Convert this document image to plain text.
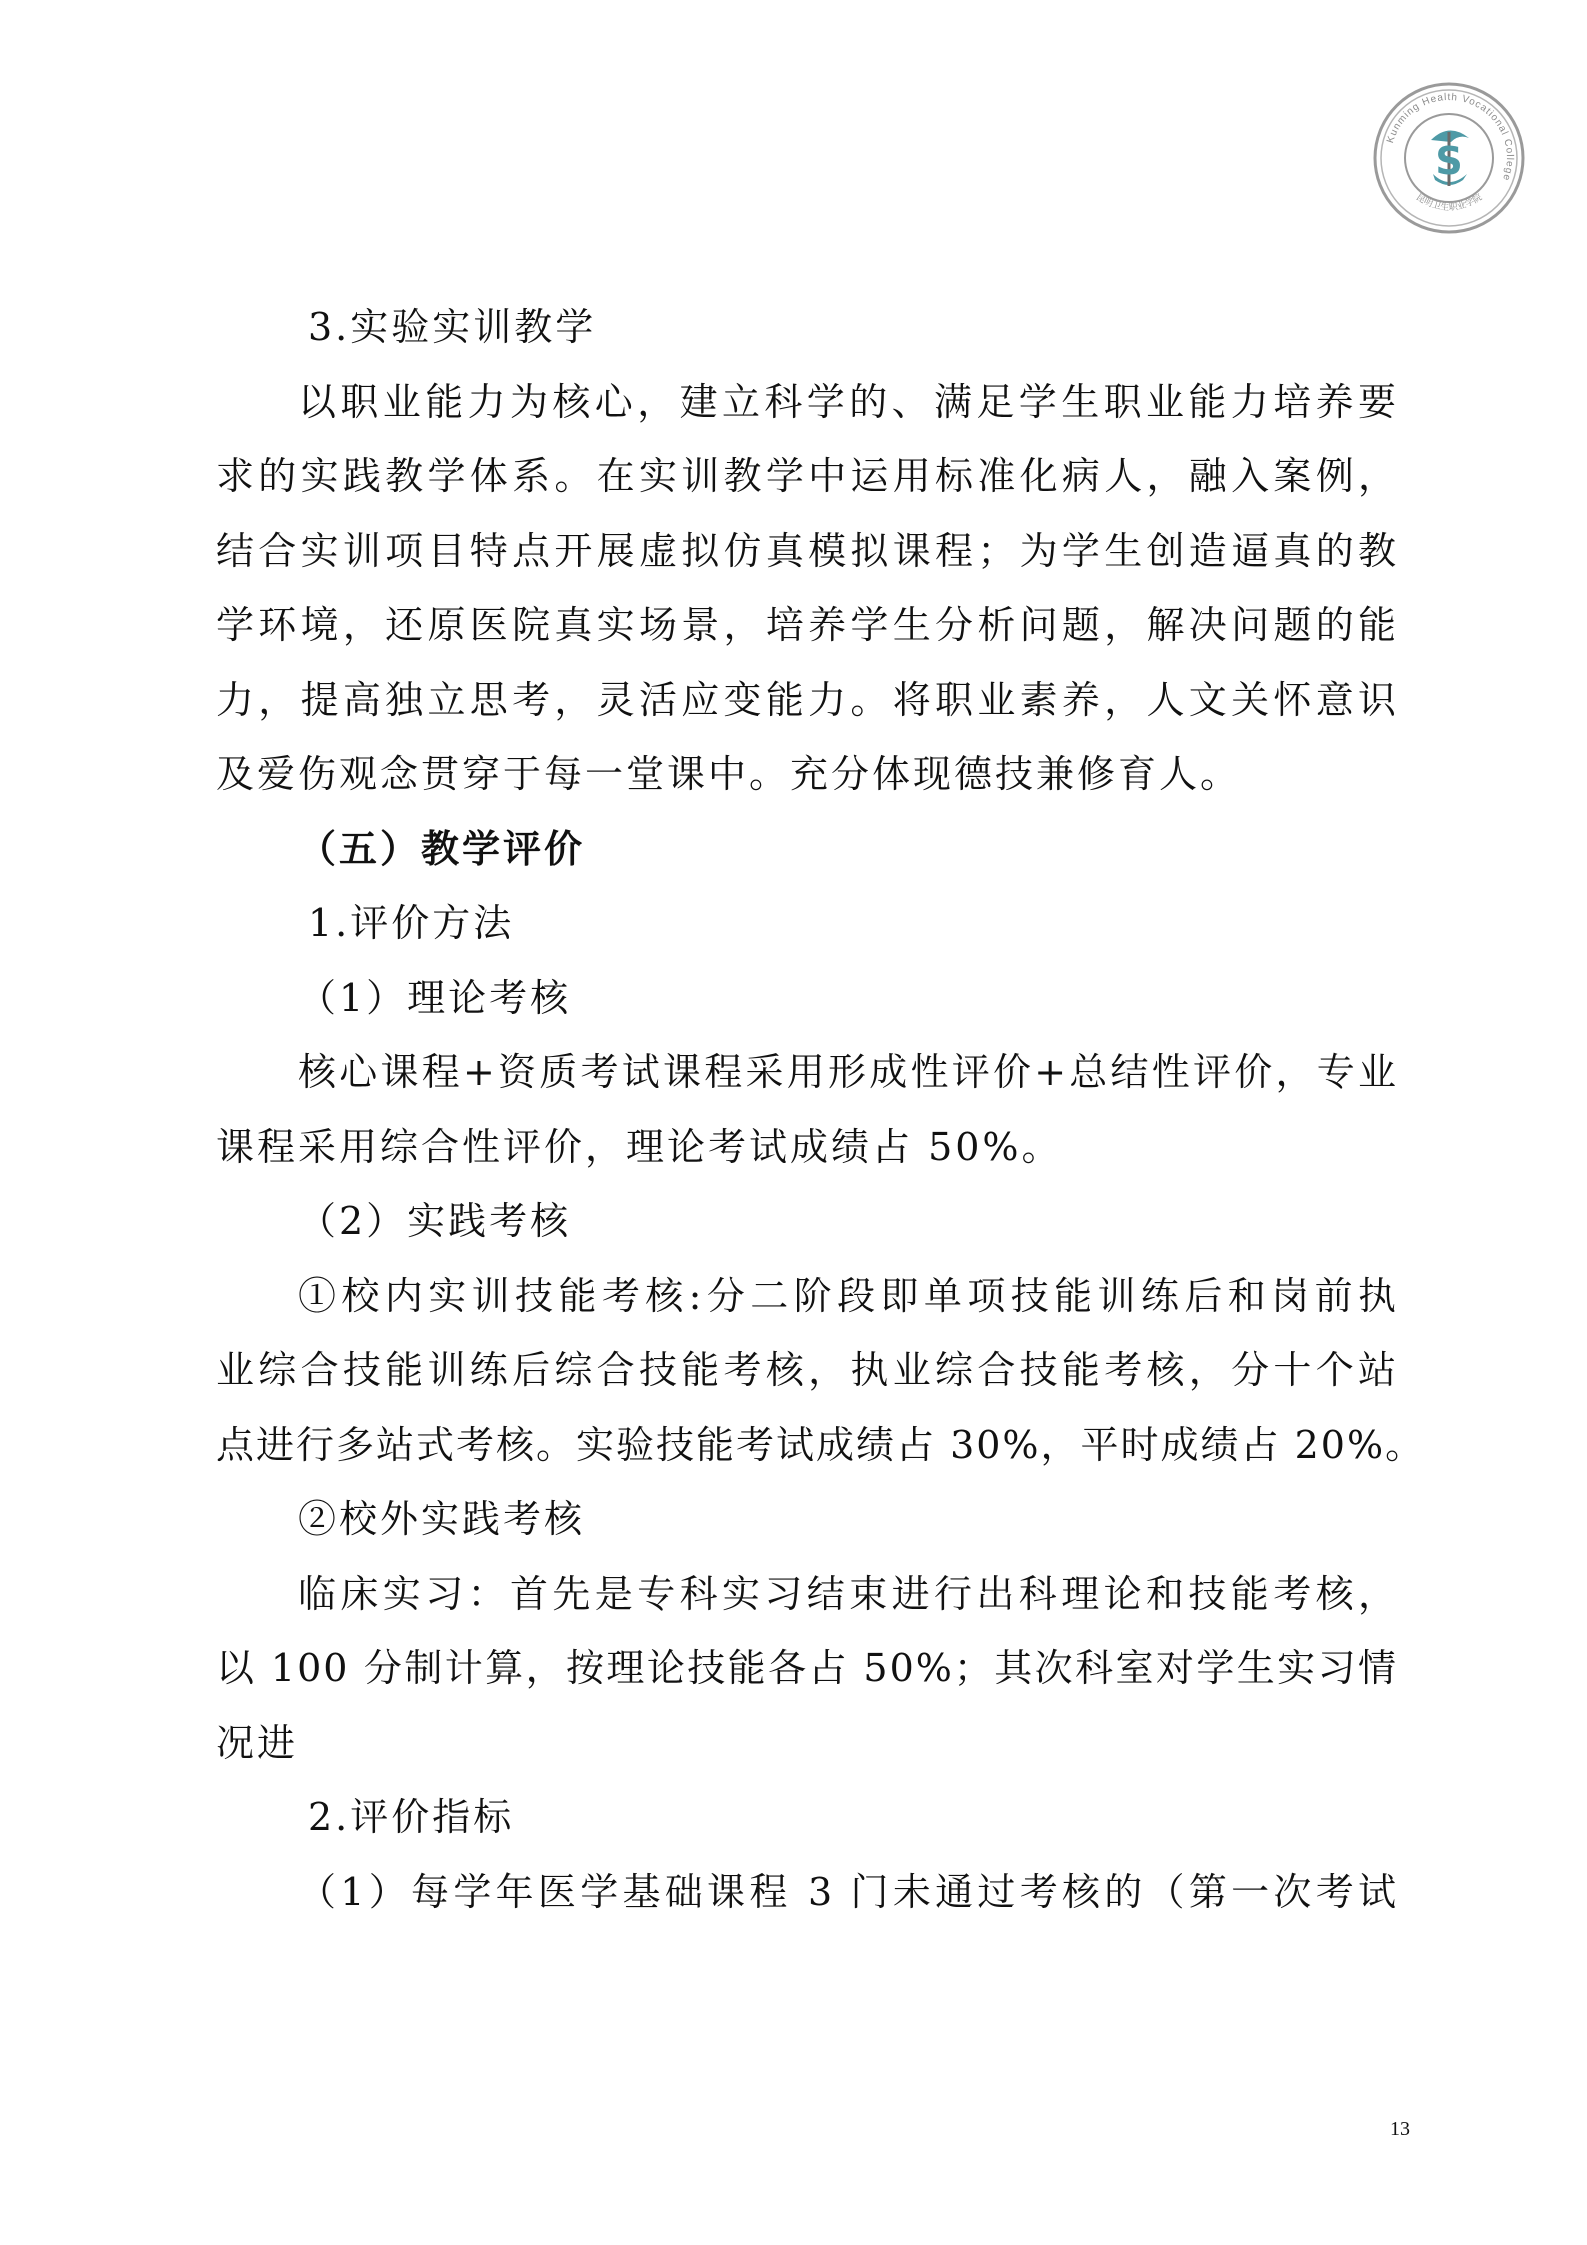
Kunming Health Vocational College
昆明卫生职业学院
S
3.实验实训教学
以职业能力为核心，建立科学的、满足学生职业能力培养要
求的实践教学体系。在实训教学中运用标准化病人，融入案例，
结合实训项目特点开展虚拟仿真模拟课程；为学生创造逼真的教
学环境，还原医院真实场景，培养学生分析问题，解决问题的能
力，提高独立思考，灵活应变能力。将职业素养，人文关怀意识
及爱伤观念贯穿于每一堂课中。充分体现德技兼修育人。
（五）教学评价
1.评价方法
（1）理论考核
核心课程+资质考试课程采用形成性评价+总结性评价，专业
课程采用综合性评价，理论考试成绩占 50%。
（2）实践考核
①校内实训技能考核:分二阶段即单项技能训练后和岗前执
业综合技能训练后综合技能考核，执业综合技能考核，分十个站
点进行多站式考核。实验技能考试成绩占 30%，平时成绩占 20%。
②校外实践考核
临床实习：首先是专科实习结束进行出科理论和技能考核，
以 100 分制计算，按理论技能各占 50%；其次科室对学生实习情
况进
2.评价指标
（1）每学年医学基础课程 3 门未通过考核的（第一次考试
13
